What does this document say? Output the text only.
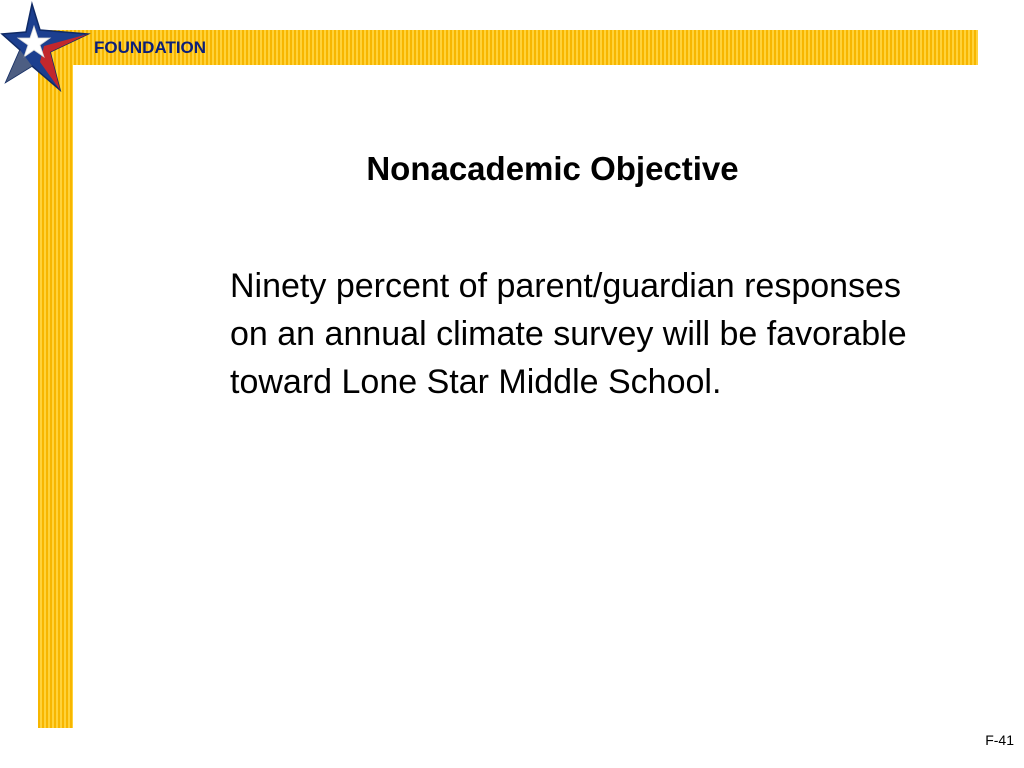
FOUNDATION
Nonacademic Objective
Ninety percent of parent/guardian responses on an annual climate survey will be favorable toward Lone Star Middle School.
F-41
